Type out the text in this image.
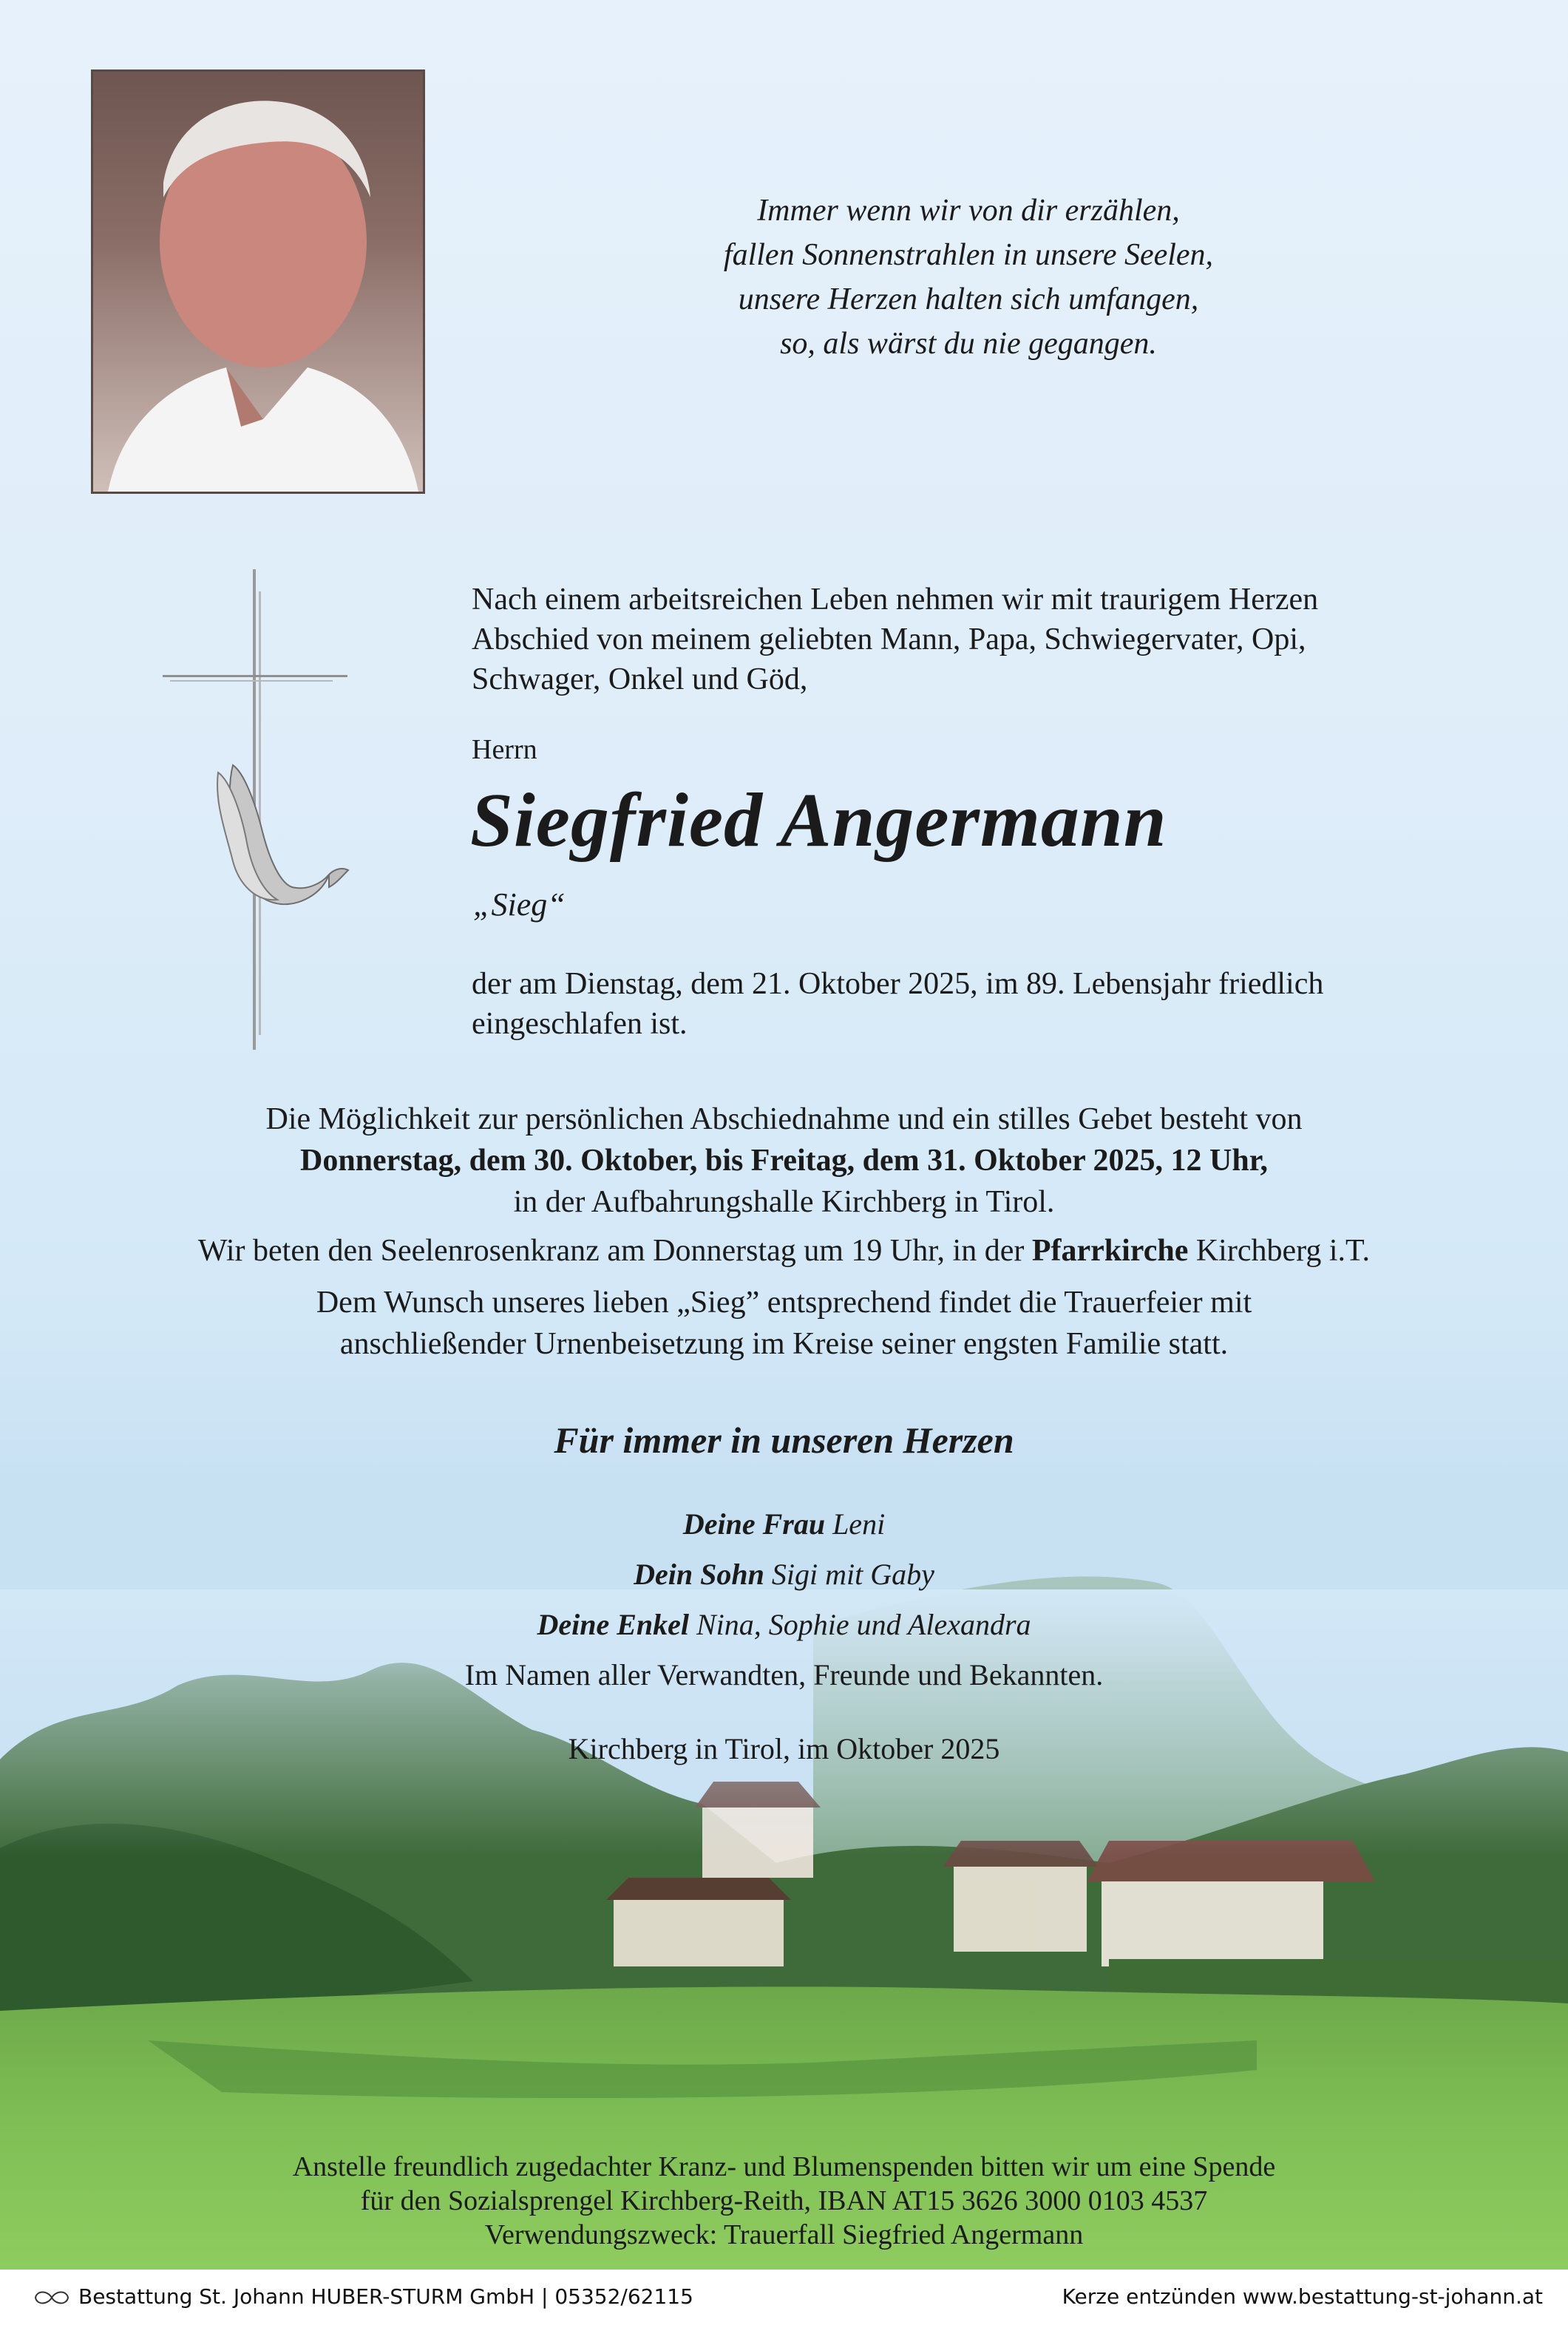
Immer wenn wir von dir erzählen,
fallen Sonnenstrahlen in unsere Seelen,
unsere Herzen halten sich umfangen,
so, als wärst du nie gegangen.
Nach einem arbeitsreichen Leben nehmen wir mit traurigem Herzen
Abschied von meinem geliebten Mann, Papa, Schwiegervater, Opi,
Schwager, Onkel und Göd,
Herrn
Siegfried Angermann
„Sieg“
der am Dienstag, dem 21. Oktober 2025, im 89. Lebensjahr friedlich
eingeschlafen ist.
Die Möglichkeit zur persönlichen Abschiednahme und ein stilles Gebet besteht von
Donnerstag, dem 30. Oktober, bis Freitag, dem 31. Oktober 2025, 12 Uhr,
in der Aufbahrungshalle Kirchberg in Tirol.
Wir beten den Seelenrosenkranz am Donnerstag um 19 Uhr, in der Pfarrkirche Kirchberg i.T.
Dem Wunsch unseres lieben „Sieg” entsprechend findet die Trauerfeier mit
anschließender Urnenbeisetzung im Kreise seiner engsten Familie statt.
Für immer in unseren Herzen
Deine Frau Leni
Dein Sohn Sigi mit Gaby
Deine Enkel Nina, Sophie und Alexandra
Im Namen aller Verwandten, Freunde und Bekannten.
Kirchberg in Tirol, im Oktober 2025
Anstelle freundlich zugedachter Kranz- und Blumenspenden bitten wir um eine Spende
für den Sozialsprengel Kirchberg-Reith, IBAN AT15 3626 3000 0103 4537
Verwendungszweck: Trauerfall Siegfried Angermann
Bestattung St. Johann HUBER-STURM GmbH | 05352/62115	Kerze entzünden www.bestattung-st-johann.at
